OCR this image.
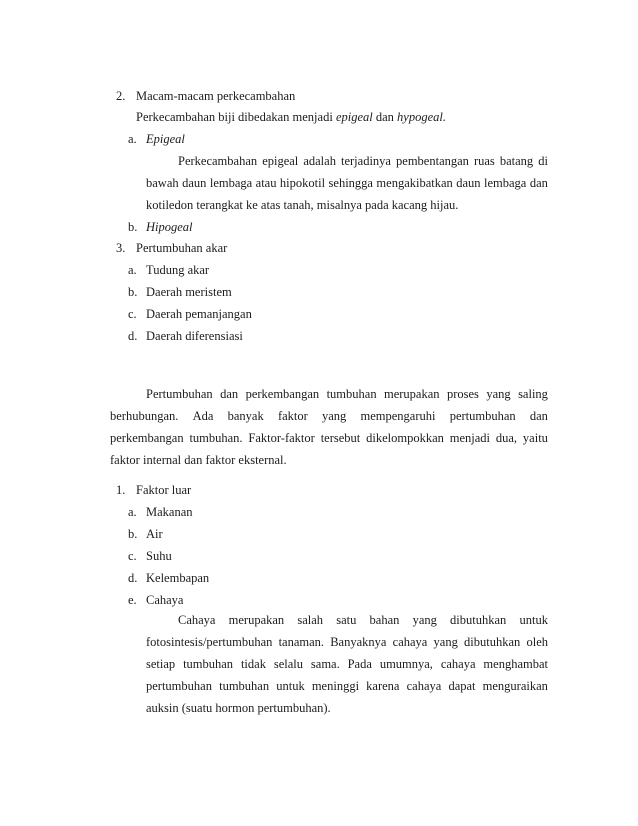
2. Macam-macam perkecambahan
Perkecambahan biji dibedakan menjadi epigeal dan hypogeal.
a. Epigeal
Perkecambahan epigeal adalah terjadinya pembentangan ruas batang di
bawah daun lembaga atau hipokotil sehingga mengakibatkan daun lembaga dan
kotiledon terangkat ke atas tanah, misalnya pada kacang hijau.
b. Hipogeal
3. Pertumbuhan akar
a. Tudung akar
b. Daerah meristem
c. Daerah pemanjangan
d. Daerah diferensiasi
Pertumbuhan dan perkembangan tumbuhan merupakan proses yang saling
berhubungan. Ada banyak faktor yang mempengaruhi pertumbuhan dan
perkembangan tumbuhan. Faktor-faktor tersebut dikelompokkan menjadi dua, yaitu
faktor internal dan faktor eksternal.
1. Faktor luar
a. Makanan
b. Air
c. Suhu
d. Kelembapan
e. Cahaya
Cahaya merupakan salah satu bahan yang dibutuhkan untuk
fotosintesis/pertumbuhan tanaman. Banyaknya cahaya yang dibutuhkan oleh
setiap tumbuhan tidak selalu sama. Pada umumnya, cahaya menghambat
pertumbuhan tumbuhan untuk meninggi karena cahaya dapat menguraikan
auksin (suatu hormon pertumbuhan).
